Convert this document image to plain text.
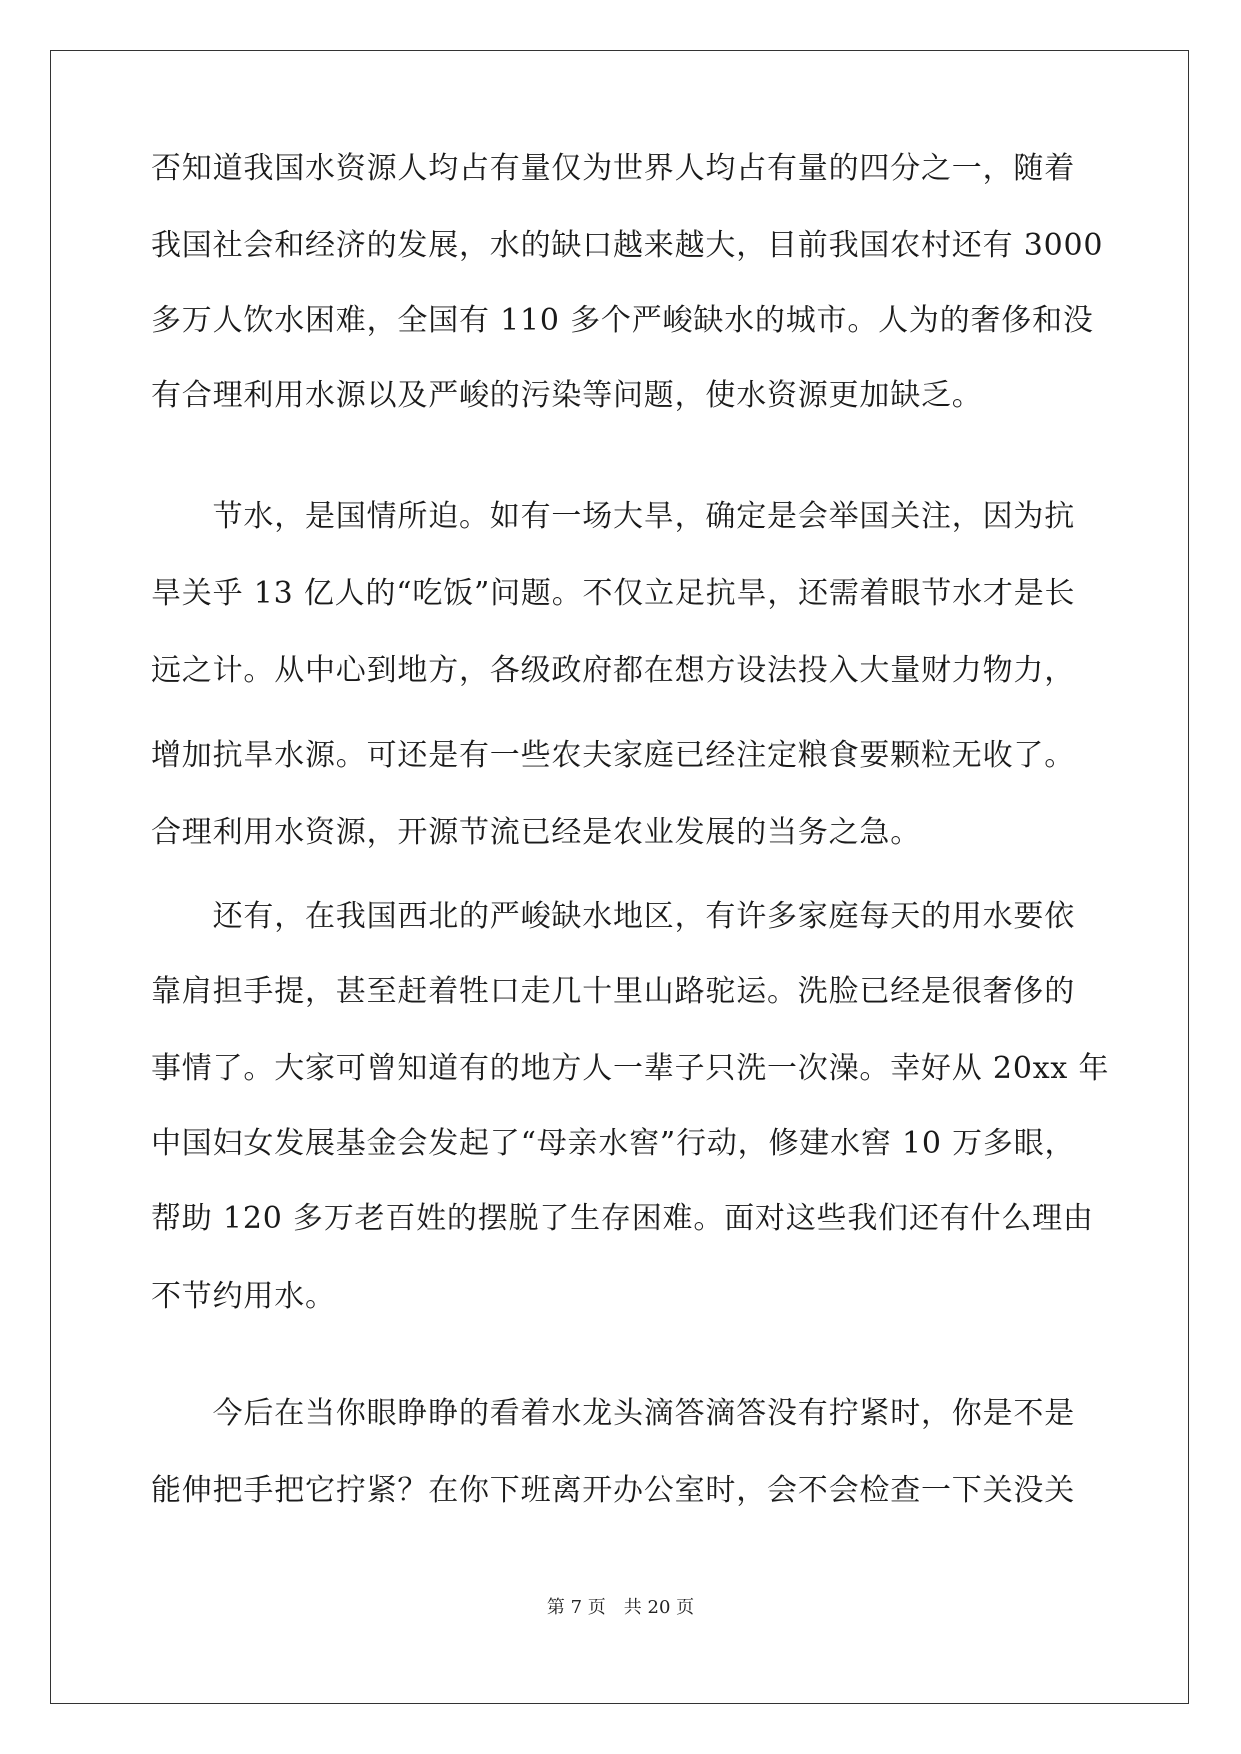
否知道我国水资源人均占有量仅为世界人均占有量的四分之一，随着
我国社会和经济的发展，水的缺口越来越大，目前我国农村还有 3000
多万人饮水困难，全国有 110 多个严峻缺水的城市。人为的奢侈和没
有合理利用水源以及严峻的污染等问题，使水资源更加缺乏。
　　节水，是国情所迫。如有一场大旱，确定是会举国关注，因为抗
旱关乎 13 亿人的“吃饭”问题。不仅立足抗旱，还需着眼节水才是长
远之计。从中心到地方，各级政府都在想方设法投入大量财力物力，
增加抗旱水源。可还是有一些农夫家庭已经注定粮食要颗粒无收了。
合理利用水资源，开源节流已经是农业发展的当务之急。
　　还有，在我国西北的严峻缺水地区，有许多家庭每天的用水要依
靠肩担手提，甚至赶着牲口走几十里山路驼运。洗脸已经是很奢侈的
事情了。大家可曾知道有的地方人一辈子只洗一次澡。幸好从 20xx 年
中国妇女发展基金会发起了“母亲水窖”行动，修建水窖 10 万多眼，
帮助 120 多万老百姓的摆脱了生存困难。面对这些我们还有什么理由
不节约用水。
　　今后在当你眼睁睁的看着水龙头滴答滴答没有拧紧时，你是不是
能伸把手把它拧紧？在你下班离开办公室时，会不会检查一下关没关
第 7 页　共 20 页
